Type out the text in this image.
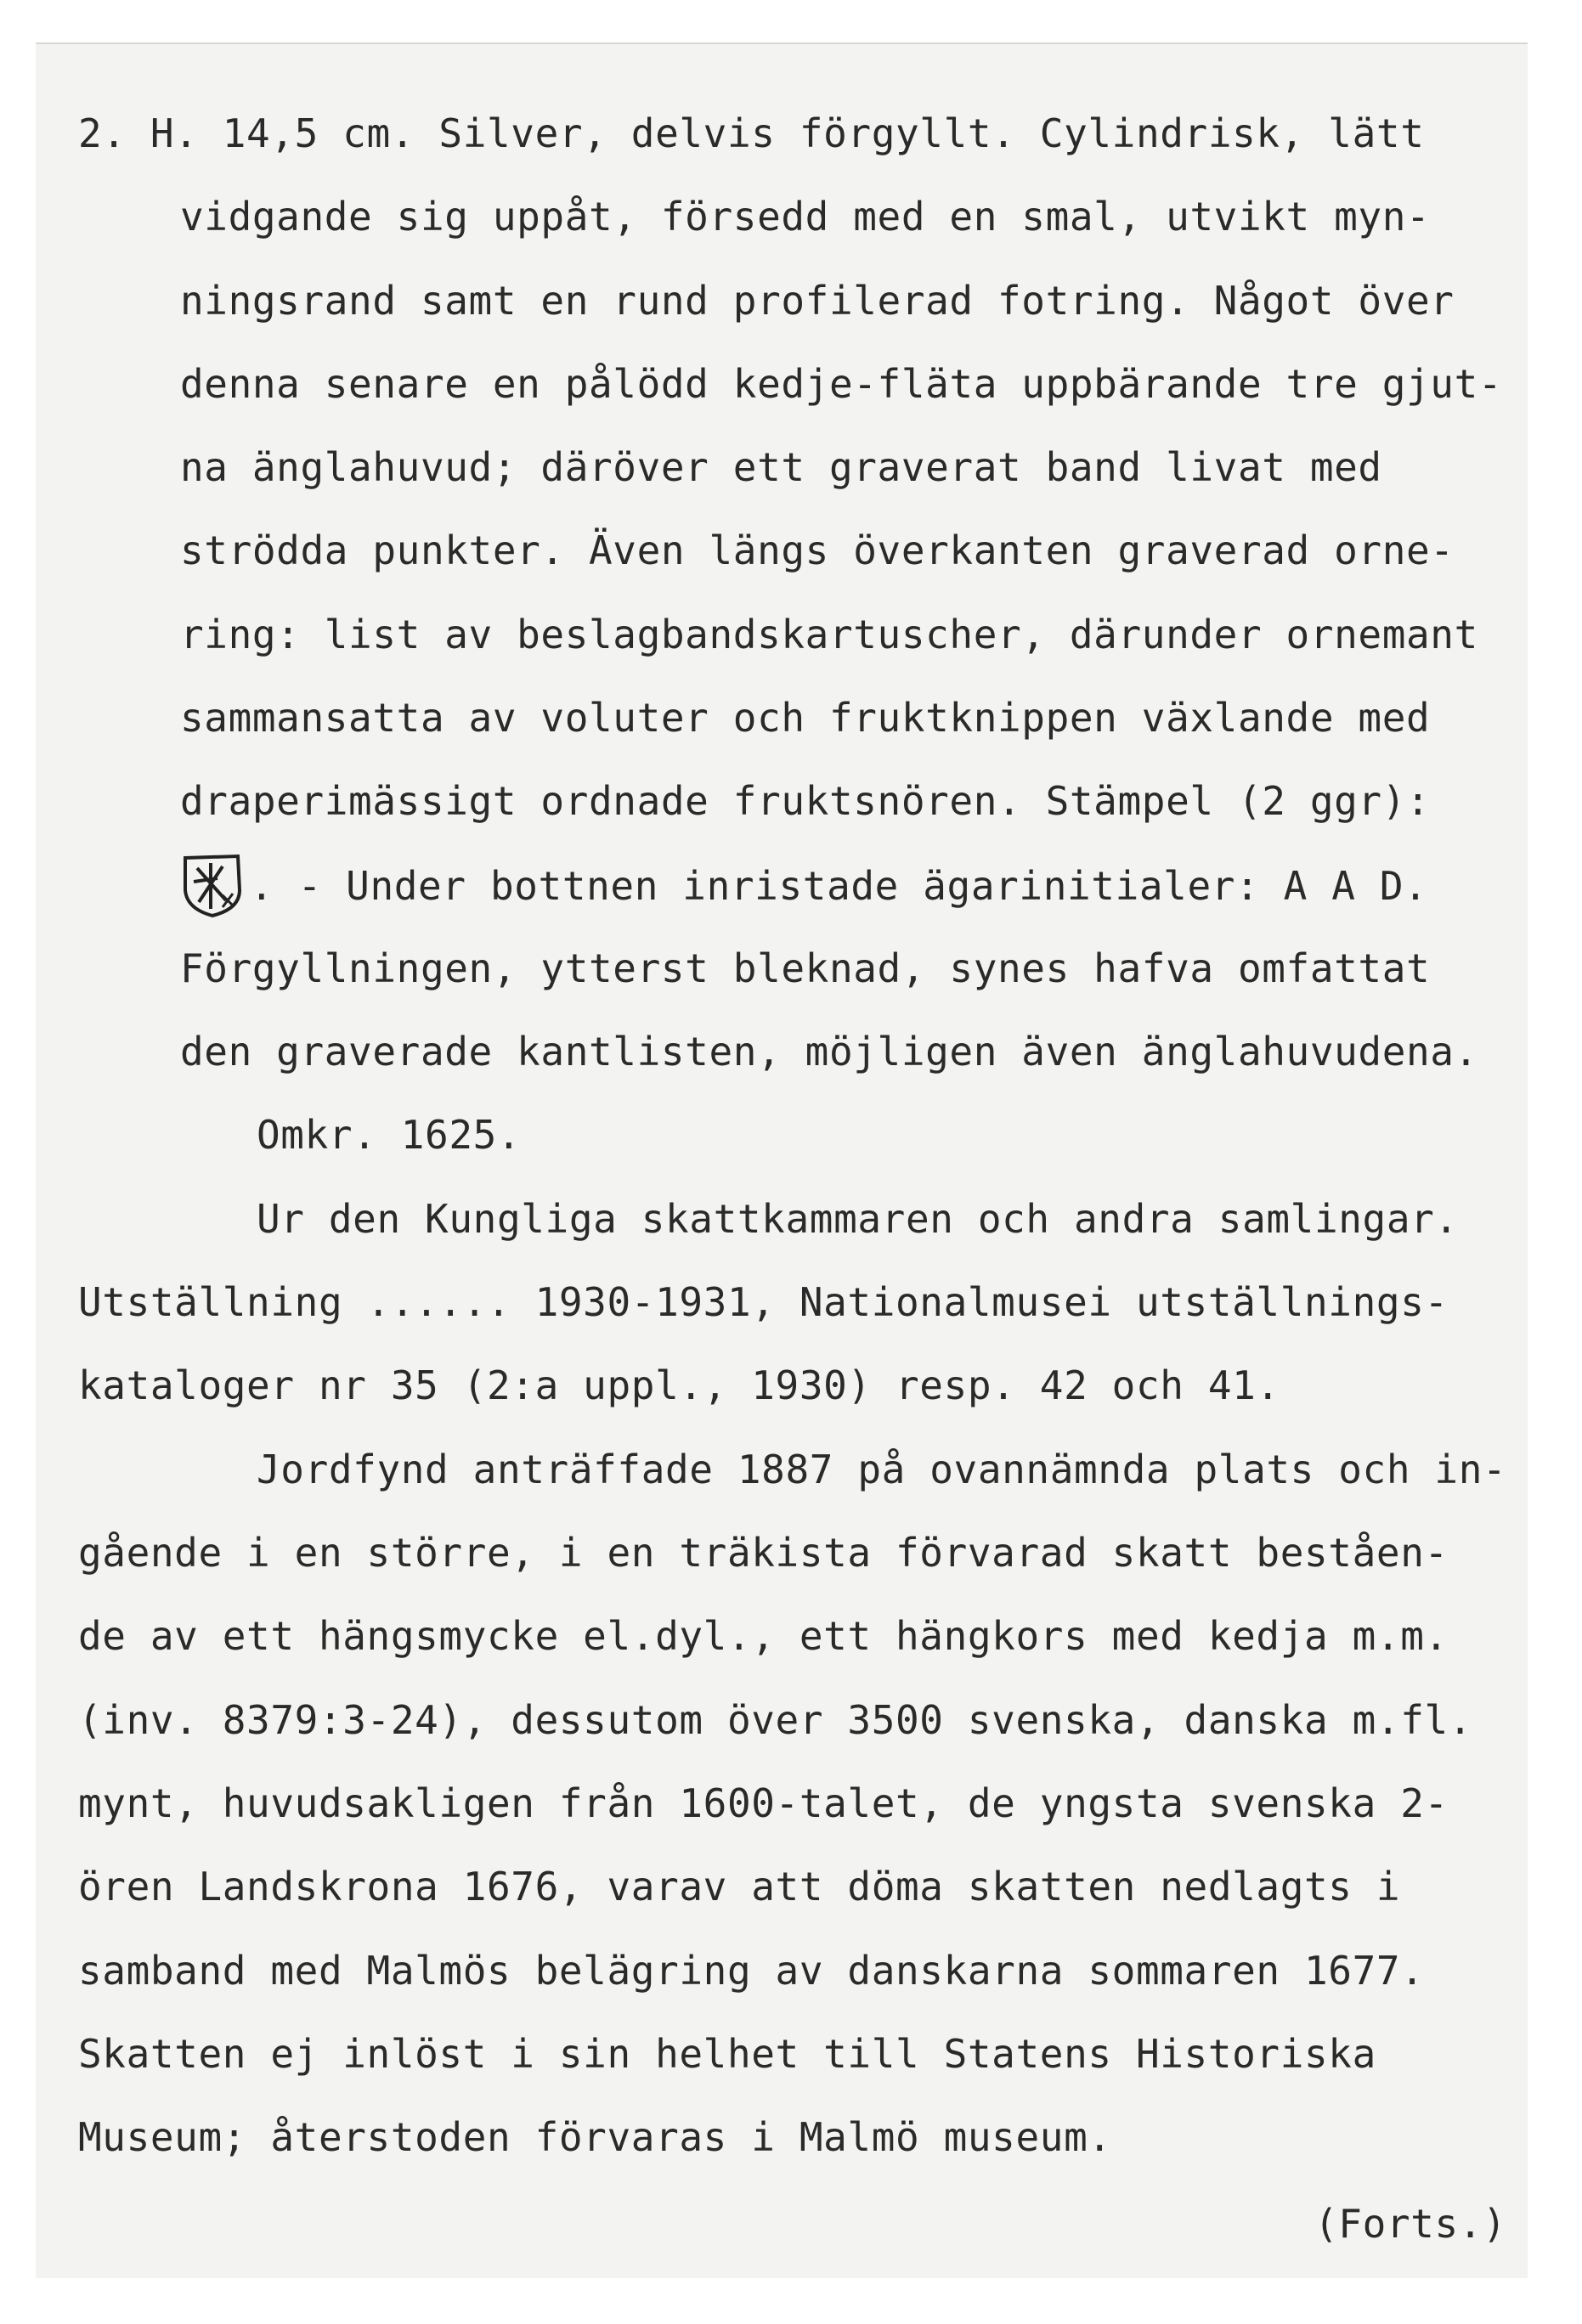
2. H. 14,5 cm. Silver, delvis förgyllt. Cylindrisk, lätt
vidgande sig uppåt, försedd med en smal, utvikt myn-
ningsrand samt en rund profilerad fotring. Något över
denna senare en pålödd kedje-fläta uppbärande tre gjut-
na änglahuvud; däröver ett graverat band livat med
strödda punkter. Även längs överkanten graverad orne-
ring: list av beslagbandskartuscher, därunder ornemant
sammansatta av voluter och fruktknippen växlande med
draperimässigt ordnade fruktsnören. Stämpel (2 ggr):
. - Under bottnen inristade ägarinitialer: A A D.
Förgyllningen, ytterst bleknad, synes hafva omfattat
den graverade kantlisten, möjligen även änglahuvudena.
Omkr. 1625.
Ur den Kungliga skattkammaren och andra samlingar.
Utställning ...... 1930-1931, Nationalmusei utställnings-
kataloger nr 35 (2:a uppl., 1930) resp. 42 och 41.
Jordfynd anträffade 1887 på ovannämnda plats och in-
gående i en större, i en träkista förvarad skatt beståen-
de av ett hängsmycke el.dyl., ett hängkors med kedja m.m.
(inv. 8379:3-24), dessutom över 3500 svenska, danska m.fl.
mynt, huvudsakligen från 1600-talet, de yngsta svenska 2-
ören Landskrona 1676, varav att döma skatten nedlagts i
samband med Malmös belägring av danskarna sommaren 1677.
Skatten ej inlöst i sin helhet till Statens Historiska
Museum; återstoden förvaras i Malmö museum.
(Forts.)
